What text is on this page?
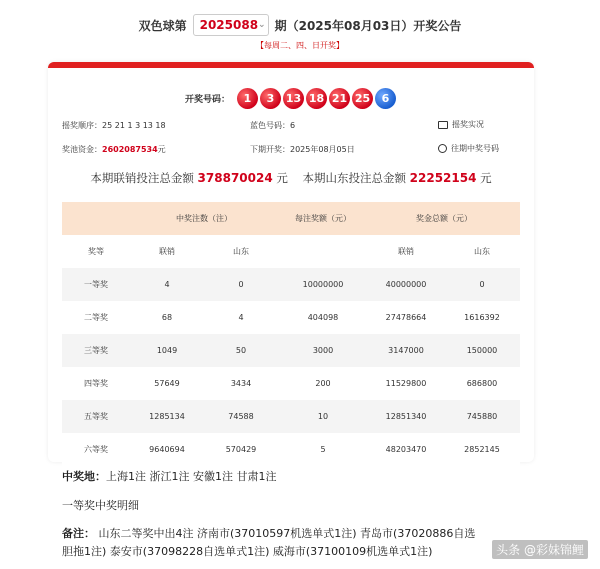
双色球第 2025088 ⌄ 期（2025年08月03日）开奖公告
【每周二、四、日开奖】
开奖号码：	1	3	13 18 21 25	6
摇奖顺序：25 21 1 3 13 18	蓝色号码：6	摇奖实况
奖池资金：2602087534元	下期开奖：2025年08月05日	往期中奖号码
本期联销投注总金额 378870024 元 本期山东投注总金额 22252154 元
	中奖注数（注）		每注奖额（元）	奖金总额（元）	
奖等	联销	山东		联销	山东
一等奖	4	0	10000000	40000000	0
二等奖	68	4	404098	27478664	1616392
三等奖	1049	50	3000	3147000	150000
四等奖	57649	3434	200	11529800	686800
五等奖	1285134	74588	10	12851340	745880
六等奖	9640694	570429	5	48203470	2852145
中奖地：上海1注 浙江1注 安徽1注 甘肃1注
一等奖中奖明细
备注： 山东二等奖中出4注 济南市(37010597机选单式1注) 青岛市(37020886自选
胆拖1注) 泰安市(37098228自选单式1注) 威海市(37100109机选单式1注)	头条 @彩妹锦鲤
